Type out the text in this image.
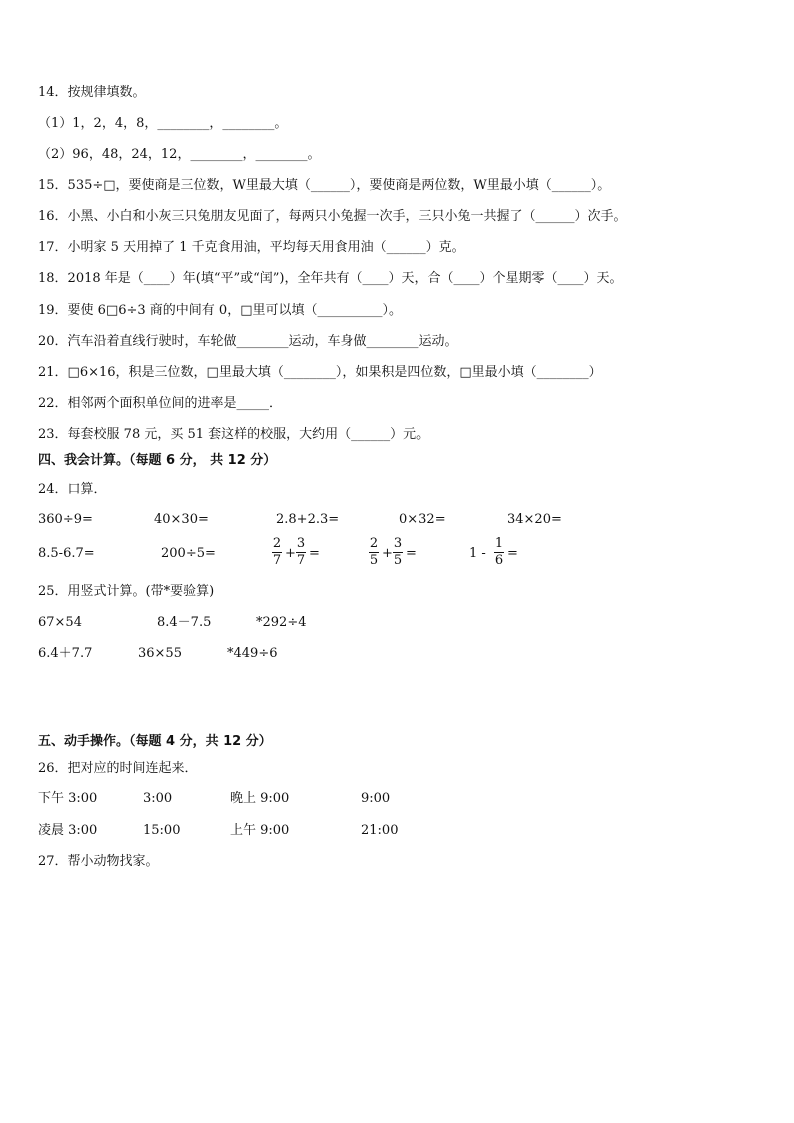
14．按规律填数。
（1）1，2，4，8，________，________。
（2）96，48，24，12，________，________。
15．535÷□，要使商是三位数，W里最大填（______），要使商是两位数，W里最小填（______）。
16．小黑、小白和小灰三只兔朋友见面了，每两只小兔握一次手，三只小兔一共握了（______）次手。
17．小明家 5 天用掉了 1 千克食用油，平均每天用食用油（______）克。
18．2018 年是（____）年(填“平”或“闰”)，全年共有（____）天，合（____）个星期零（____）天。
19．要使 6□6÷3 商的中间有 0，□里可以填（__________）。
20．汽车沿着直线行驶时，车轮做________运动，车身做________运动。
21．□6×16，积是三位数，□里最大填（________），如果积是四位数，□里最小填（________）
22．相邻两个面积单位间的进率是_____．
23．每套校服 78 元，买 51 套这样的校服，大约用（______）元。
四、我会计算。（每题 6 分， 共 12 分）
24．口算．
360÷9=	40×30=	2.8+2.3=	0×32=	34×20=
8.5-6.7=	200÷5=	$\frac{2}{7} + \frac{3}{7}$ =	$\frac{2}{5} + \frac{3}{5}$ =	$1 - \frac{1}{6}$ =
25．用竖式计算。(带*要验算)
67×54	8.4－7.5	*292÷4
6.4＋7.7	36×55	*449÷6
五、动手操作。（每题 4 分，共 12 分）
26．把对应的时间连起来．
下午 3:00	3:00	晚上 9:00	9:00
凌晨 3:00	15:00	上午 9:00	21:00
27．帮小动物找家。
